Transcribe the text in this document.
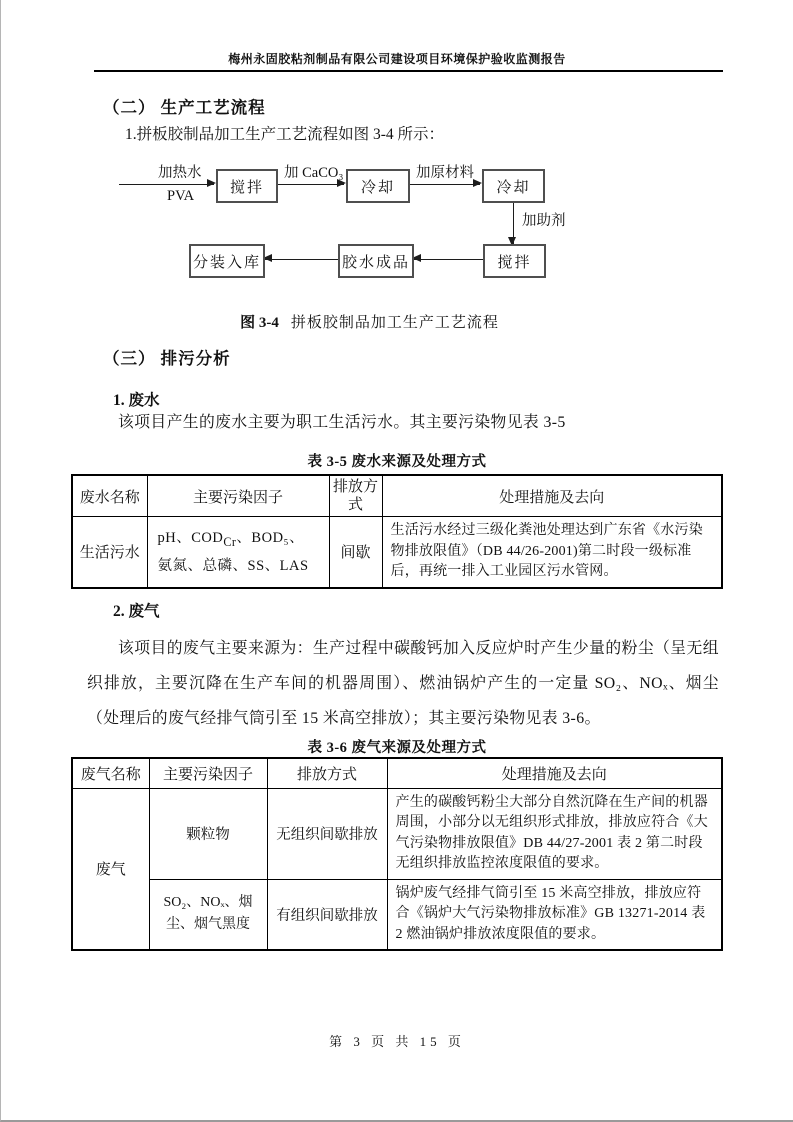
梅州永固胶粘剂制品有限公司建设项目环境保护验收监测报告
（二） 生产工艺流程
1.拼板胶制品加工生产工艺流程如图 3-4 所示：
加热水
PVA
搅拌
加 CaCO₃
冷却
加原材料
冷却
加助剂
搅拌
胶水成品
分装入库
图 3-4 拼板胶制品加工生产工艺流程
（三） 排污分析
1. 废水
该项目产生的废水主要为职工生活污水。其主要污染物见表 3-5
表 3-5 废水来源及处理方式
废水名称	主要污染因子	排放方式	处理措施及去向
生活污水	pH、$COD_{Cr}$、BOD₅、氨氮、总磷、SS、LAS	间歇	生活污水经过三级化粪池处理达到广东省《水污染物排放限值》（DB 44/26-2001)第二时段一级标准后，再统一排入工业园区污水管网。
2. 废气
该项目的废气主要来源为：生产过程中碳酸钙加入反应炉时产生少量的粉尘（呈无组织排放，主要沉降在生产车间的机器周围）、燃油锅炉产生的一定量 SO₂、NOₓ、烟尘（处理后的废气经排气筒引至 15 米高空排放）；其主要污染物见表 3-6。
表 3-6 废气来源及处理方式
废气名称	主要污染因子	排放方式	处理措施及去向
废气	颗粒物	无组织间歇排放	产生的碳酸钙粉尘大部分自然沉降在生产间的机器周围，小部分以无组织形式排放，排放应符合《大气污染物排放限值》DB 44/27-2001 表 2 第二时段无组织排放监控浓度限值的要求。
	SO₂、NOₓ、烟尘、烟气黑度	有组织间歇排放	锅炉废气经排气筒引至 15 米高空排放，排放应符合《锅炉大气污染物排放标准》GB 13271-2014 表 2 燃油锅炉排放浓度限值的要求。
第 3 页 共 15 页
